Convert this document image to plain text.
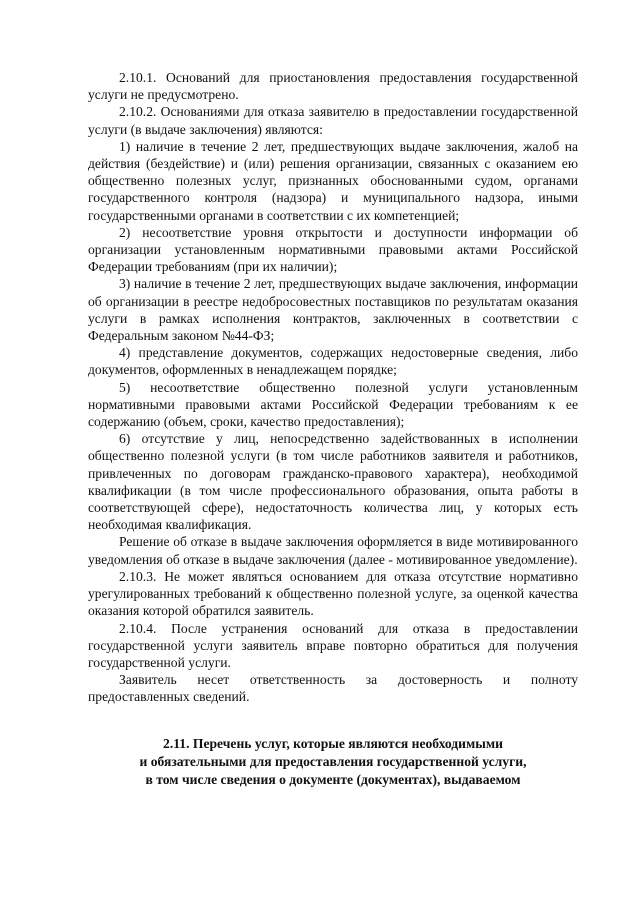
2.10.1. Оснований для приостановления предоставления государственной услуги не предусмотрено.

2.10.2. Основаниями для отказа заявителю в предоставлении государственной услуги (в выдаче заключения) являются:

1) наличие в течение 2 лет, предшествующих выдаче заключения, жалоб на действия (бездействие) и (или) решения организации, связанных с оказанием ею общественно полезных услуг, признанных обоснованными судом, органами государственного контроля (надзора) и муниципального надзора, иными государственными органами в соответствии с их компетенцией;

2) несоответствие уровня открытости и доступности информации об организации установленным нормативными правовыми актами Российской Федерации требованиям (при их наличии);

3) наличие в течение 2 лет, предшествующих выдаче заключения, информации об организации в реестре недобросовестных поставщиков по результатам оказания услуги в рамках исполнения контрактов, заключенных в соответствии с Федеральным законом №44-ФЗ;

4) представление документов, содержащих недостоверные сведения, либо документов, оформленных в ненадлежащем порядке;

5) несоответствие общественно полезной услуги установленным нормативными правовыми актами Российской Федерации требованиям к ее содержанию (объем, сроки, качество предоставления);

6) отсутствие у лиц, непосредственно задействованных в исполнении общественно полезной услуги (в том числе работников заявителя и работников, привлеченных по договорам гражданско-правового характера), необходимой квалификации (в том числе профессионального образования, опыта работы в соответствующей сфере), недостаточность количества лиц, у которых есть необходимая квалификация.

Решение об отказе в выдаче заключения оформляется в виде мотивированного уведомления об отказе в выдаче заключения (далее - мотивированное уведомление).

2.10.3. Не может являться основанием для отказа отсутствие нормативно урегулированных требований к общественно полезной услуге, за оценкой качества оказания которой обратился заявитель.

2.10.4. После устранения оснований для отказа в предоставлении государственной услуги заявитель вправе повторно обратиться для получения государственной услуги.

Заявитель несет ответственность за достоверность и полноту предоставленных сведений.

2.11. Перечень услуг, которые являются необходимыми
и обязательными для предоставления государственной услуги,
в том числе сведения о документе (документах), выдаваемом
